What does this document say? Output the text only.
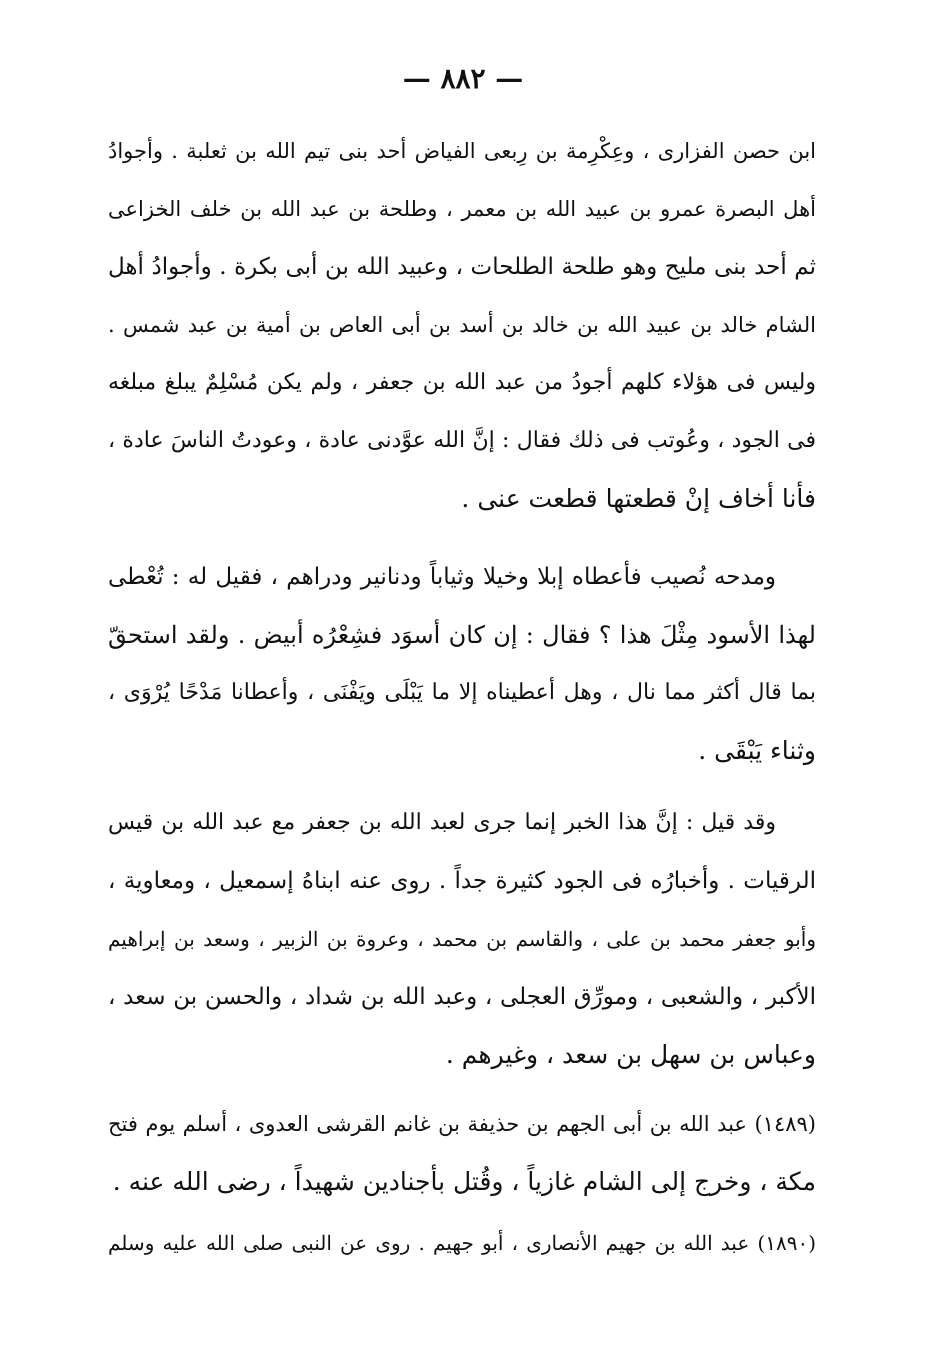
— ٨٨٢ —
ابن حصن الفزارى ، وعِكْرِمة بن رِبعى الفياض أحد بنى تيم الله بن ثعلبة . وأجوادُ
أهل البصرة عمرو بن عبيد الله بن معمر ، وطلحة بن عبد الله بن خلف الخزاعى
ثم أحد بنى مليح وهو طلحة الطلحات ، وعبيد الله بن أبى بكرة . وأجوادُ أهل
الشام خالد بن عبيد الله بن خالد بن أسد بن أبى العاص بن أمية بن عبد شمس .
وليس فى هؤلاء كلهم أجودُ من عبد الله بن جعفر ، ولم يكن مُسْلِمٌ يبلغ مبلغه
فى الجود ، وعُوتب فى ذلك فقال : إنَّ الله عوَّدنى عادة ، وعودتُ الناسَ عادة ،
فأنا أخاف إنْ قطعتها قطعت عنى .
ومدحه نُصيب فأعطاه إبلا وخيلا وثياباً ودنانير ودراهم ، فقيل له : تُعْطى
لهذا الأسود مِثْلَ هذا ؟ فقال : إن كان أسوَد فشِعْرُه أبيض . ولقد استحقّ
بما قال أكثر مما نال ، وهل أعطيناه إلا ما يَبْلَى ويَفْنَى ، وأعطانا مَدْحًا يُرْوَى ،
وثناء يَبْقَى .
وقد قيل : إنَّ هذا الخبر إنما جرى لعبد الله بن جعفر مع عبد الله بن قيس
الرقيات . وأخبارُه فى الجود كثيرة جداً . روى عنه ابناهُ إسمعيل ، ومعاوية ،
وأبو جعفر محمد بن على ، والقاسم بن محمد ، وعروة بن الزبير ، وسعد بن إبراهيم
الأكبر ، والشعبى ، ومورِّق العجلى ، وعبد الله بن شداد ، والحسن بن سعد ،
وعباس بن سهل بن سعد ، وغيرهم .
(١٤٨٩) عبد الله بن أبى الجهم بن حذيفة بن غانم القرشى العدوى ، أسلم يوم فتح
مكة ، وخرج إلى الشام غازياً ، وقُتل بأجنادين شهيداً ، رضى الله عنه .
(١٨٩٠) عبد الله بن جهيم الأنصارى ، أبو جهيم . روى عن النبى صلى الله عليه وسلم
